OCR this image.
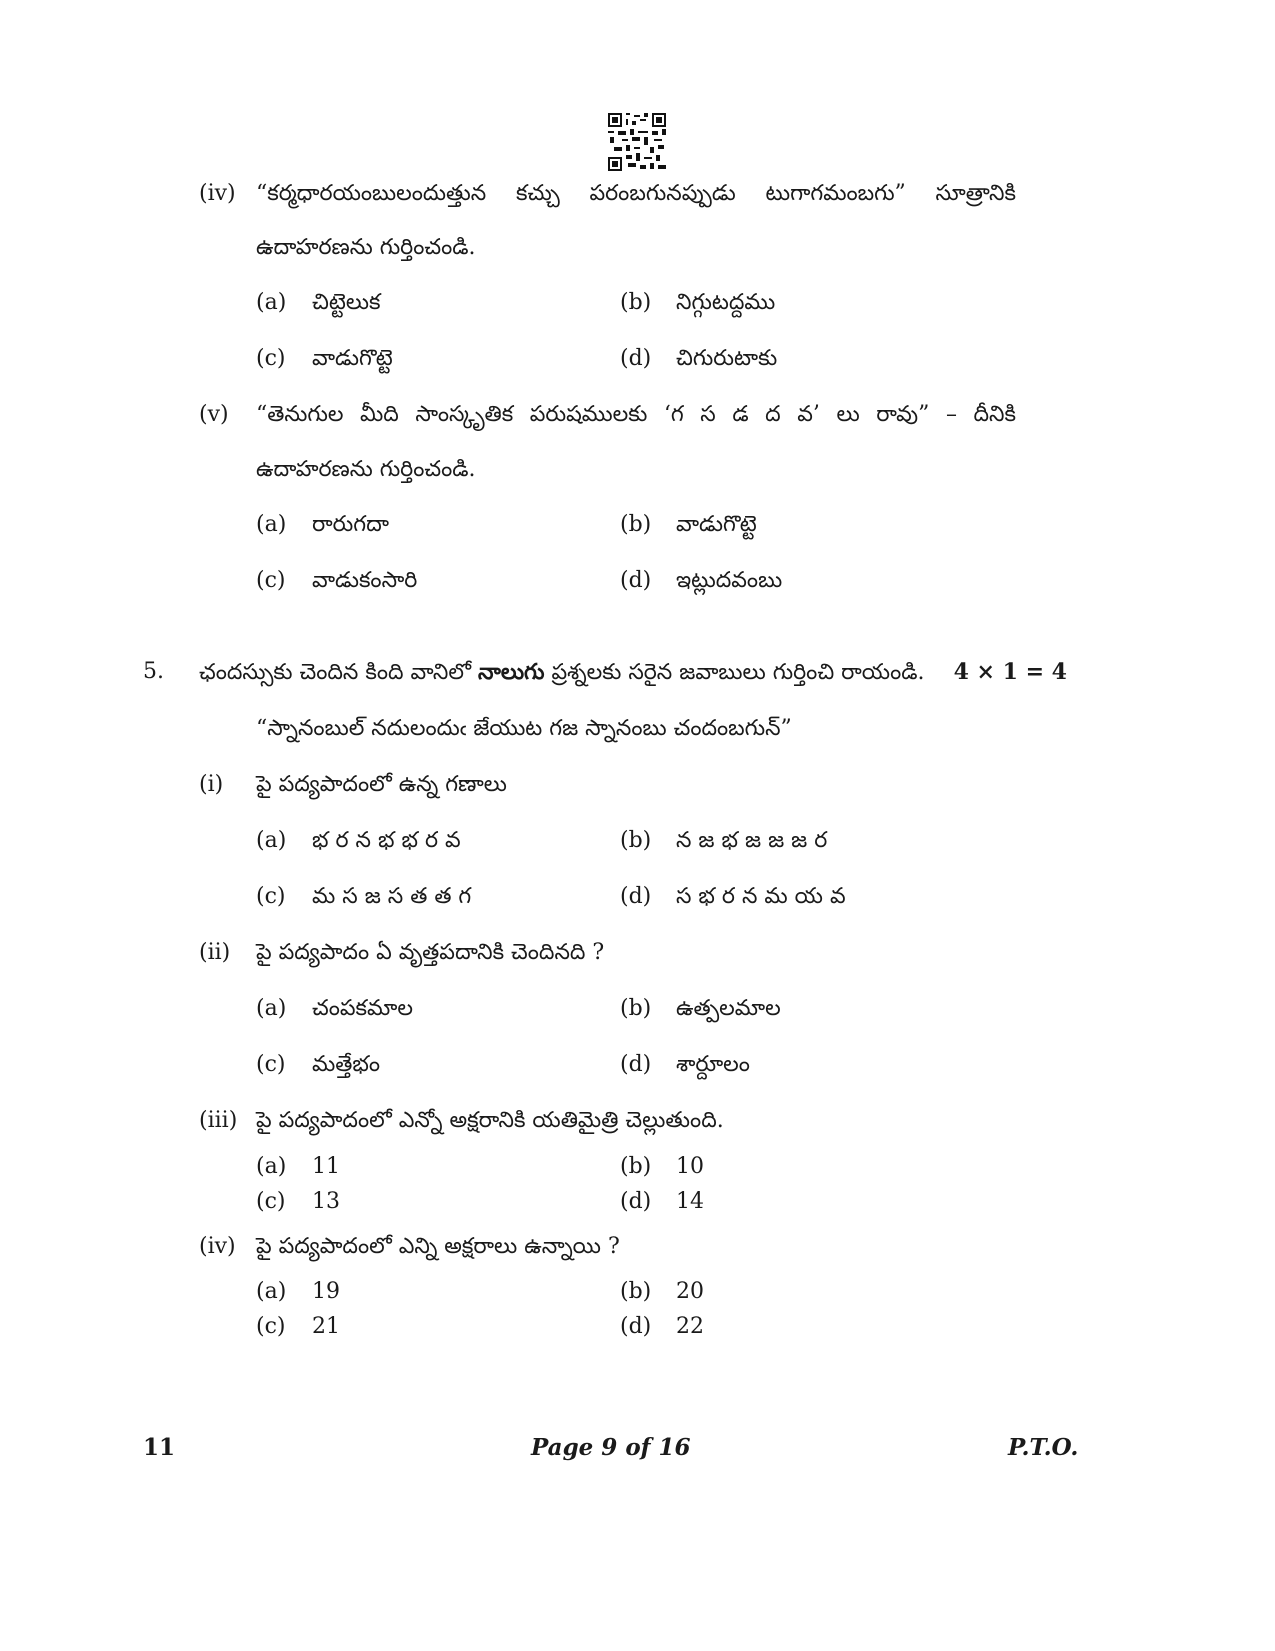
(iv) “కర్మధారయంబులందుత్తున కచ్చు పరంబగునప్పుడు టుగాగమంబగు” సూత్రానికి
ఉదాహరణను గుర్తించండి.
(a) చిట్టెలుక	(b) నిగ్గుటద్దము
(c) వాడుగొట్టె	(d) చిగురుటాకు
(v) “తెనుగుల మీది సాంస్కృతిక పరుషములకు ‘గ స డ ద వ’ లు రావు” – దీనికి
ఉదాహరణను గుర్తించండి.
(a) రారుగదా	(b) వాడుగొట్టె
(c) వాడుకంసారి	(d) ఇట్లుదవంబు
5. ఛందస్సుకు చెందిన కింది వానిలో నాలుగు ప్రశ్నలకు సరైన జవాబులు గుర్తించి రాయండి. 4 × 1 = 4
“స్నానంబుల్ నదులందుఁ జేయుట గజ స్నానంబు చందంబగున్”
(i) పై పద్యపాదంలో ఉన్న గణాలు
(a) భ ర న భ భ ర వ	(b) న జ భ జ జ జ ర
(c) మ స జ స త త గ	(d) స భ ర న మ య వ
(ii) పై పద్యపాదం ఏ వృత్తపదానికి చెందినది ?
(a) చంపకమాల	(b) ఉత్పలమాల
(c) మత్తేభం	(d) శార్దూలం
(iii) పై పద్యపాదంలో ఎన్నో అక్షరానికి యతిమైత్రి చెల్లుతుంది.
(a) 11	(b) 10
(c) 13	(d) 14
(iv) పై పద్యపాదంలో ఎన్ని అక్షరాలు ఉన్నాయి ?
(a) 19	(b) 20
(c) 21	(d) 22
11	Page 9 of 16	P.T.O.
